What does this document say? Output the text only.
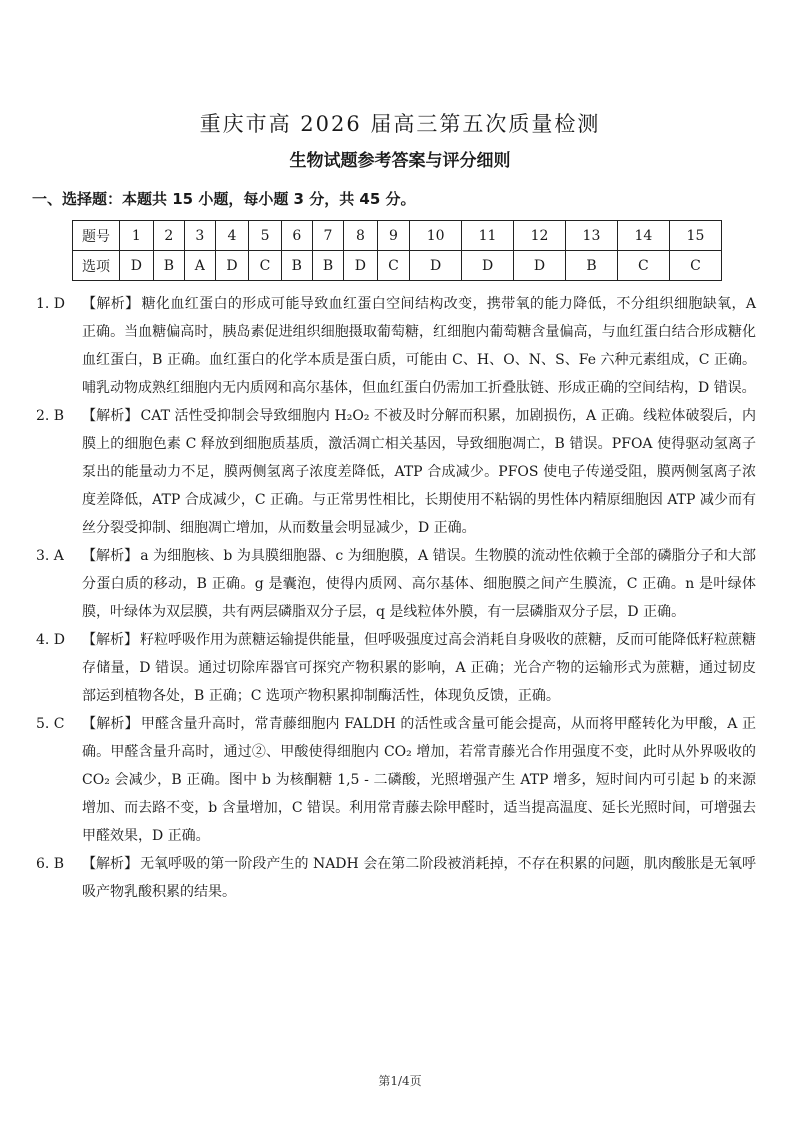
重庆市高 2026 届高三第五次质量检测
生物试题参考答案与评分细则
一、选择题：本题共 15 小题，每小题 3 分，共 45 分。
题号	1	2	3	4	5	6	7	8	9	10	11	12	13	14	15
选项	D	B	A	D	C	B	B	D	C	D	D	D	B	C	C
1. D	【解析】 糖化血红蛋白的形成可能导致血红蛋白空间结构改变，携带氧的能力降低，不分组织细胞缺氧，A 正确。当血糖偏高时，胰岛素促进组织细胞摄取葡萄糖，红细胞内葡萄糖含量偏高，与血红蛋白结合形成糖化血红蛋白，B 正确。血红蛋白的化学本质是蛋白质，可能由 C、H、O、N、S、Fe 六种元素组成，C 正确。哺乳动物成熟红细胞内无内质网和高尔基体，但血红蛋白仍需加工折叠肽链、形成正确的空间结构，D 错误。
2. B	【解析】 CAT 活性受抑制会导致细胞内 H₂O₂ 不被及时分解而积累，加剧损伤，A 正确。线粒体破裂后，内膜上的细胞色素 C 释放到细胞质基质，激活凋亡相关基因，导致细胞凋亡，B 错误。PFOA 使得驱动氢离子泵出的能量动力不足，膜两侧氢离子浓度差降低，ATP 合成减少。PFOS 使电子传递受阻，膜两侧氢离子浓度差降低，ATP 合成减少，C 正确。与正常男性相比，长期使用不粘锅的男性体内精原细胞因 ATP 减少而有丝分裂受抑制、细胞凋亡增加，从而数量会明显减少，D 正确。
3. A	【解析】 a 为细胞核、b 为具膜细胞器、c 为细胞膜，A 错误。生物膜的流动性依赖于全部的磷脂分子和大部分蛋白质的移动，B 正确。g 是囊泡，使得内质网、高尔基体、细胞膜之间产生膜流，C 正确。n 是叶绿体膜，叶绿体为双层膜，共有两层磷脂双分子层，q 是线粒体外膜，有一层磷脂双分子层，D 正确。
4. D	【解析】 籽粒呼吸作用为蔗糖运输提供能量，但呼吸强度过高会消耗自身吸收的蔗糖，反而可能降低籽粒蔗糖存储量，D 错误。通过切除库器官可探究产物积累的影响，A 正确；光合产物的运输形式为蔗糖，通过韧皮部运到植物各处，B 正确；C 选项产物积累抑制酶活性，体现负反馈，正确。
5. C	【解析】 甲醛含量升高时，常青藤细胞内 FALDH 的活性或含量可能会提高，从而将甲醛转化为甲酸，A 正确。甲醛含量升高时，通过②、甲酸使得细胞内 CO₂ 增加，若常青藤光合作用强度不变，此时从外界吸收的 CO₂ 会减少，B 正确。图中 b 为核酮糖 1,5 - 二磷酸，光照增强产生 ATP 增多，短时间内可引起 b 的来源增加、而去路不变，b 含量增加，C 错误。利用常青藤去除甲醛时，适当提高温度、延长光照时间，可增强去甲醛效果，D 正确。
6. B	【解析】 无氧呼吸的第一阶段产生的 NADH 会在第二阶段被消耗掉，不存在积累的问题，肌肉酸胀是无氧呼吸产物乳酸积累的结果。
第1/4页
